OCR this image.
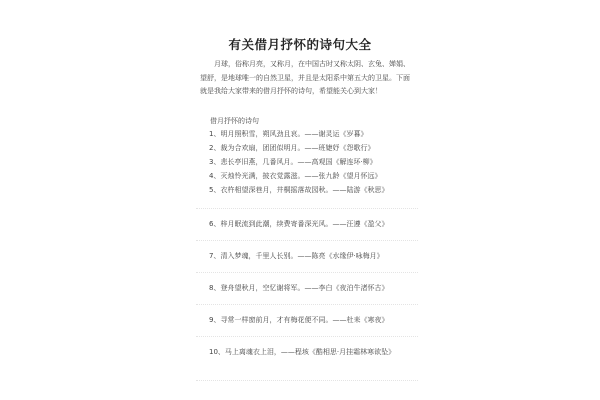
有关借月抒怀的诗句大全
月球，俗称月亮，又称月，在中国古时又称太阴、玄兔、婵娟、望舒，是地球唯一的自然卫星，并且是太阳系中第五大的卫星。下面就是我给大家带来的借月抒怀的诗句，希望能关心到大家！
借月抒怀的诗句
1、明月照积雪，朔风劲且哀。——谢灵运《岁暮》
2、裁为合欢扇，团团似明月。——班婕妤《怨歌行》
3、悲长亭旧燕，几番风月。——高观国《解连环·柳》
4、灭烛怜光满，披衣觉露滋。——张九龄《望月怀远》
5、衣杵相望深巷月，井桐摇落故园秋。——陆游《秋思》
6、梓月眠流到此潮，续费寄番深光风。——汪遵《盈父》
7、清入梦魂，千里人长别。——陈亮《水缘伊·咏梅月》
8、登舟望秋月，空忆谢将军。——李白《夜泊牛渚怀古》
9、寻常一样窗前月，才有梅花便不同。——杜耒《寒夜》
10、马上离魂衣上泪，——程垓《酷相思·月挂霜林寒欲坠》
